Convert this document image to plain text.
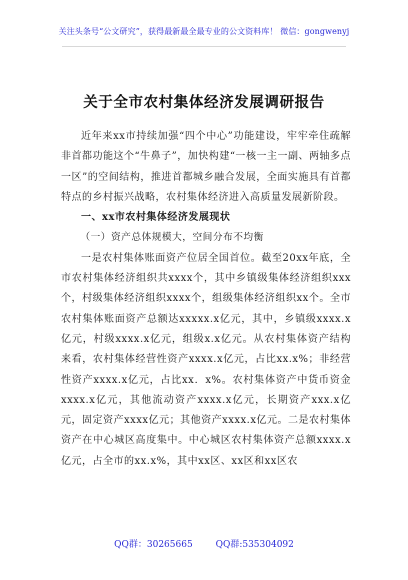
关注头条号“公文研究”，获得最新最全最专业的公文资料库！ 微信：gongwenyj
关于全市农村集体经济发展调研报告

近年来xx市持续加强“四个中心”功能建设，牢牢牵住疏解非首都功能这个“牛鼻子”，加快构建“一核一主一副、两轴多点一区”的空间结构，推进首都城乡融合发展，全面实施具有首都特点的乡村振兴战略，农村集体经济进入高质量发展新阶段。

一、xx市农村集体经济发展现状

（一）资产总体规模大，空间分布不均衡

一是农村集体账面资产位居全国首位。截至20xx年底，全市农村集体经济组织共xxxx个，其中乡镇级集体经济组织xxx个，村级集体经济组织xxxx个，组级集体经济组织xx个。全市农村集体账面资产总额达xxxxx.x亿元，其中，乡镇级xxxx.x亿元，村级xxxx.x亿元，组级x.x亿元。从农村集体资产结构来看，农村集体经营性资产xxxx.x亿元，占比xx.x%；非经营性资产xxxx.x亿元，占比xx．x%。农村集体资产中货币资金xxxx.x亿元，其他流动资产xxxx.x亿元，长期资产xxx.x亿元，固定资产xxxx亿元；其他资产xxxx.x亿元。二是农村集体资产在中心城区高度集中。中心城区农村集体资产总额xxxx.x亿元，占全市的xx.x%，其中xx区、xx区和xx区农

QQ群：30265665	QQ群:535304092
